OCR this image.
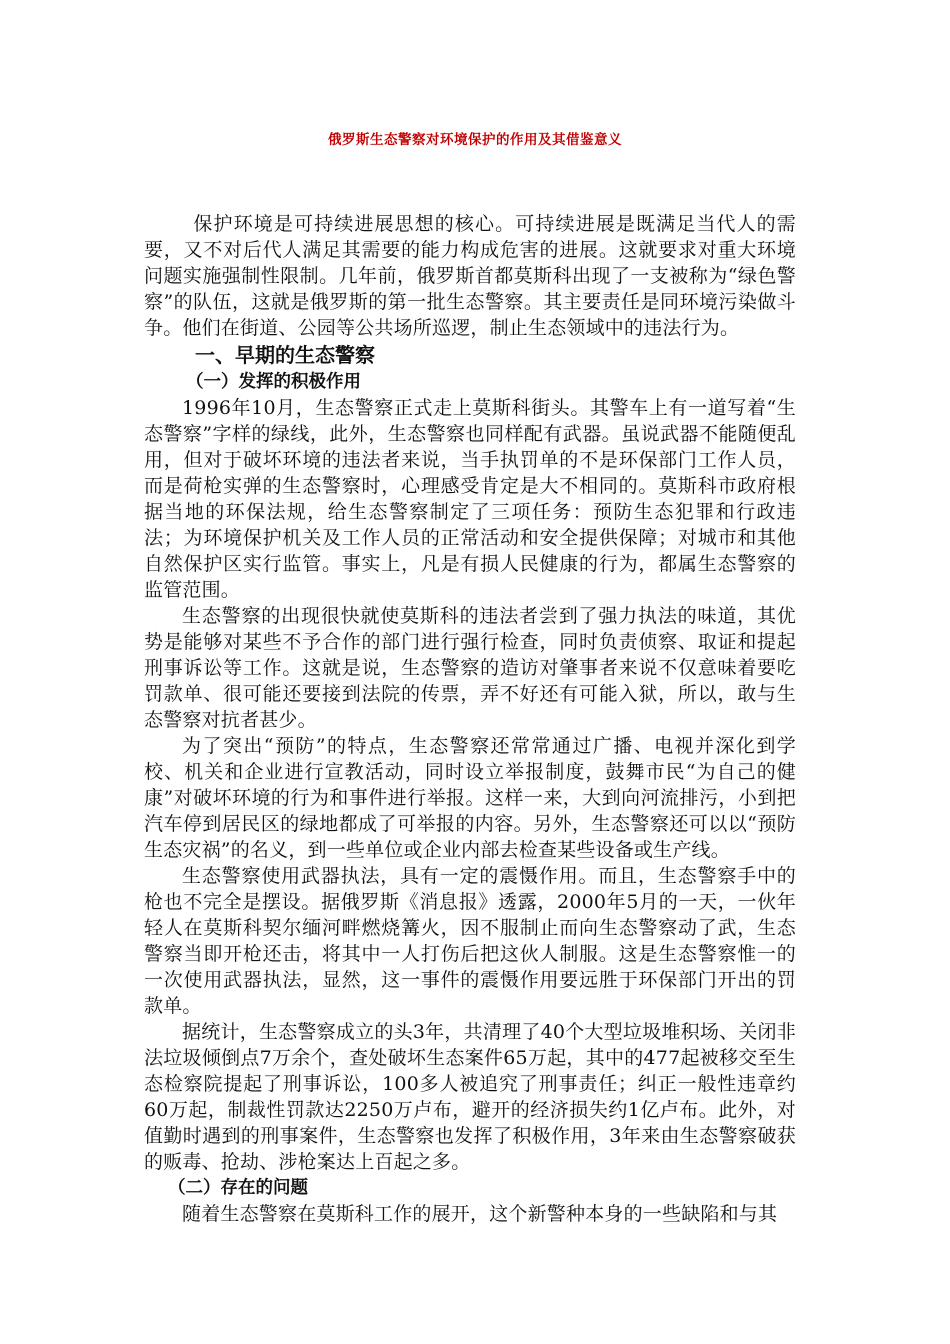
俄罗斯生态警察对环境保护的作用及其借鉴意义

保护环境是可持续进展思想的核心。可持续进展是既满足当代人的需要，又不对后代人满足其需要的能力构成危害的进展。这就要求对重大环境问题实施强制性限制。几年前，俄罗斯首都莫斯科出现了一支被称为“绿色警察”的队伍，这就是俄罗斯的第一批生态警察。其主要责任是同环境污染做斗争。他们在街道、公园等公共场所巡逻，制止生态领域中的违法行为。

一、早期的生态警察
（一）发挥的积极作用

1996年10月，生态警察正式走上莫斯科街头。其警车上有一道写着“生态警察”字样的绿线，此外，生态警察也同样配有武器。虽说武器不能随便乱用，但对于破坏环境的违法者来说，当手执罚单的不是环保部门工作人员，而是荷枪实弹的生态警察时，心理感受肯定是大不相同的。莫斯科市政府根据当地的环保法规，给生态警察制定了三项任务：预防生态犯罪和行政违法；为环境保护机关及工作人员的正常活动和安全提供保障；对城市和其他自然保护区实行监管。事实上，凡是有损人民健康的行为，都属生态警察的监管范围。

生态警察的出现很快就使莫斯科的违法者尝到了强力执法的味道，其优势是能够对某些不予合作的部门进行强行检查，同时负责侦察、取证和提起刑事诉讼等工作。这就是说，生态警察的造访对肇事者来说不仅意味着要吃罚款单、很可能还要接到法院的传票，弄不好还有可能入狱，所以，敢与生态警察对抗者甚少。

为了突出“预防”的特点，生态警察还常常通过广播、电视并深化到学校、机关和企业进行宣教活动，同时设立举报制度，鼓舞市民“为自己的健康”对破坏环境的行为和事件进行举报。这样一来，大到向河流排污，小到把汽车停到居民区的绿地都成了可举报的内容。另外，生态警察还可以以“预防生态灾祸”的名义，到一些单位或企业内部去检查某些设备或生产线。

生态警察使用武器执法，具有一定的震慑作用。而且，生态警察手中的枪也不完全是摆设。据俄罗斯《消息报》透露，2000年5月的一天，一伙年轻人在莫斯科契尔缅河畔燃烧篝火，因不服制止而向生态警察动了武，生态警察当即开枪还击，将其中一人打伤后把这伙人制服。这是生态警察惟一的一次使用武器执法，显然，这一事件的震慑作用要远胜于环保部门开出的罚款单。

据统计，生态警察成立的头3年，共清理了40个大型垃圾堆积场、关闭非法垃圾倾倒点7万余个，查处破坏生态案件65万起，其中的477起被移交至生态检察院提起了刑事诉讼，100多人被追究了刑事责任；纠正一般性违章约60万起，制裁性罚款达2250万卢布，避开的经济损失约1亿卢布。此外，对值勤时遇到的刑事案件，生态警察也发挥了积极作用，3年来由生态警察破获的贩毒、抢劫、涉枪案达上百起之多。

（二）存在的问题

随着生态警察在莫斯科工作的展开，这个新警种本身的一些缺陷和与其
